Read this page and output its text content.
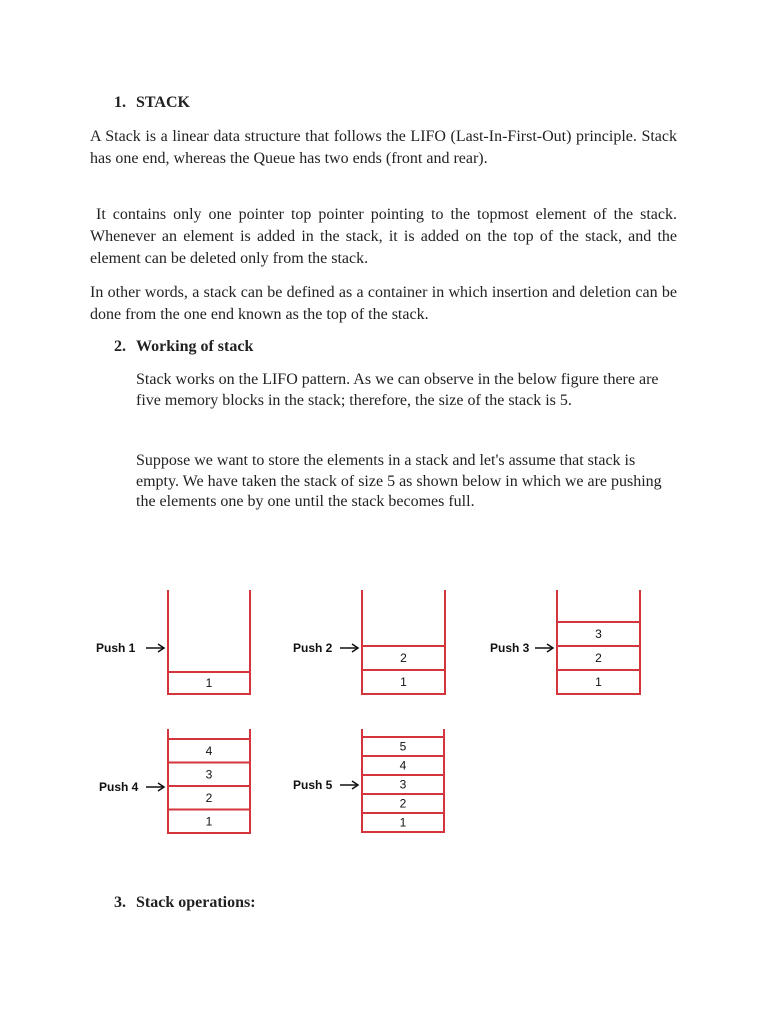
1. STACK

A Stack is a linear data structure that follows the LIFO (Last-In-First-Out) principle. Stack has one end, whereas the Queue has two ends (front and rear).

It contains only one pointer top pointer pointing to the topmost element of the stack. Whenever an element is added in the stack, it is added on the top of the stack, and the element can be deleted only from the stack.

In other words, a stack can be defined as a container in which insertion and deletion can be done from the one end known as the top of the stack.

2. Working of stack

Stack works on the LIFO pattern. As we can observe in the below figure there are five memory blocks in the stack; therefore, the size of the stack is 5.

Suppose we want to store the elements in a stack and let's assume that stack is empty. We have taken the stack of size 5 as shown below in which we are pushing the elements one by one until the stack becomes full.

1
Push 1
1
2
Push 2
1
2
3
Push 3
1
2
3
4
Push 4
1
2
3
4
5
Push 5
3. Stack operations:
